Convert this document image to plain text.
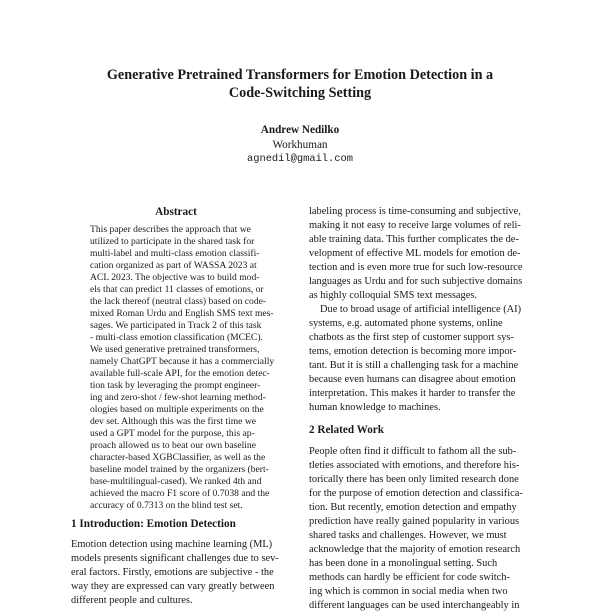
Generative Pretrained Transformers for Emotion Detection in a
Code-Switching Setting
Andrew Nedilko
Workhuman
agnedil@gmail.com
Abstract
This paper describes the approach that we
utilized to participate in the shared task for
multi-label and multi-class emotion classifi-
cation organized as part of WASSA 2023 at
ACL 2023. The objective was to build mod-
els that can predict 11 classes of emotions, or
the lack thereof (neutral class) based on code-
mixed Roman Urdu and English SMS text mes-
sages. We participated in Track 2 of this task
- multi-class emotion classification (MCEC).
We used generative pretrained transformers,
namely ChatGPT because it has a commercially
available full-scale API, for the emotion detec-
tion task by leveraging the prompt engineer-
ing and zero-shot / few-shot learning method-
ologies based on multiple experiments on the
dev set. Although this was the first time we
used a GPT model for the purpose, this ap-
proach allowed us to beat our own baseline
character-based XGBClassifier, as well as the
baseline model trained by the organizers (bert-
base-multilingual-cased). We ranked 4th and
achieved the macro F1 score of 0.7038 and the
accuracy of 0.7313 on the blind test set.
1 Introduction: Emotion Detection
Emotion detection using machine learning (ML)
models presents significant challenges due to sev-
eral factors. Firstly, emotions are subjective - the
way they are expressed can vary greatly between
different people and cultures.
labeling process is time-consuming and subjective,
making it not easy to receive large volumes of reli-
able training data. This further complicates the de-
velopment of effective ML models for emotion de-
tection and is even more true for such low-resource
languages as Urdu and for such subjective domains
as highly colloquial SMS text messages.
Due to broad usage of artificial intelligence (AI)
systems, e.g. automated phone systems, online
chatbots as the first step of customer support sys-
tems, emotion detection is becoming more impor-
tant. But it is still a challenging task for a machine
because even humans can disagree about emotion
interpretation. This makes it harder to transfer the
human knowledge to machines.
2 Related Work
People often find it difficult to fathom all the sub-
tleties associated with emotions, and therefore his-
torically there has been only limited research done
for the purpose of emotion detection and classifica-
tion. But recently, emotion detection and empathy
prediction have really gained popularity in various
shared tasks and challenges. However, we must
acknowledge that the majority of emotion research
has been done in a monolingual setting. Such
methods can hardly be efficient for code switch-
ing which is common in social media when two
different languages can be used interchangeably in
